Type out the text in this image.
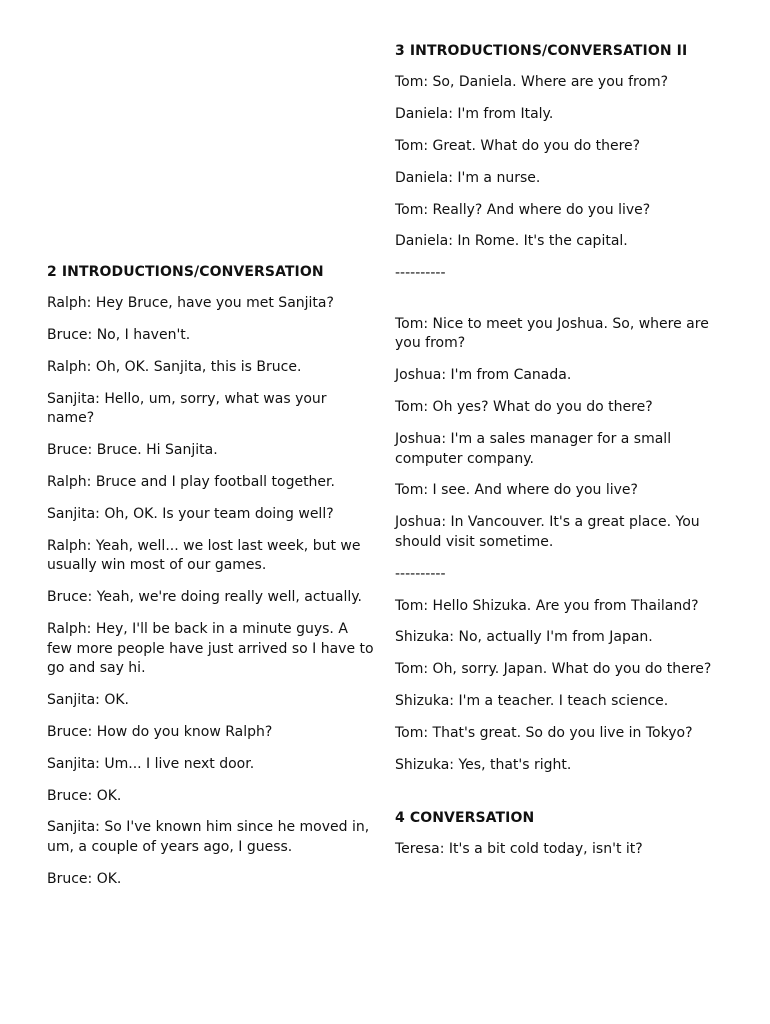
2 INTRODUCTIONS/CONVERSATION
Ralph: Hey Bruce, have you met Sanjita?
Bruce: No, I haven't.
Ralph: Oh, OK. Sanjita, this is Bruce.
Sanjita: Hello, um, sorry, what was your name?
Bruce: Bruce. Hi Sanjita.
Ralph: Bruce and I play football together.
Sanjita: Oh, OK. Is your team doing well?
Ralph: Yeah, well... we lost last week, but we usually win most of our games.
Bruce: Yeah, we're doing really well, actually.
Ralph: Hey, I'll be back in a minute guys. A few more people have just arrived so I have to go and say hi.
Sanjita: OK.
Bruce: How do you know Ralph?
Sanjita: Um... I live next door.
Bruce: OK.
Sanjita: So I've known him since he moved in, um, a couple of years ago, I guess.
Bruce: OK.
3 INTRODUCTIONS/CONVERSATION II
Tom: So, Daniela. Where are you from?
Daniela: I'm from Italy.
Tom: Great. What do you do there?
Daniela: I'm a nurse.
Tom: Really? And where do you live?
Daniela: In Rome. It's the capital.
----------
Tom: Nice to meet you Joshua. So, where are you from?
Joshua: I'm from Canada.
Tom: Oh yes? What do you do there?
Joshua: I'm a sales manager for a small computer company.
Tom: I see. And where do you live?
Joshua: In Vancouver. It's a great place. You should visit sometime.
----------
Tom: Hello Shizuka. Are you from Thailand?
Shizuka: No, actually I'm from Japan.
Tom: Oh, sorry. Japan. What do you do there?
Shizuka: I'm a teacher. I teach science.
Tom: That's great. So do you live in Tokyo?
Shizuka: Yes, that's right.
4 CONVERSATION
Teresa: It's a bit cold today, isn't it?
